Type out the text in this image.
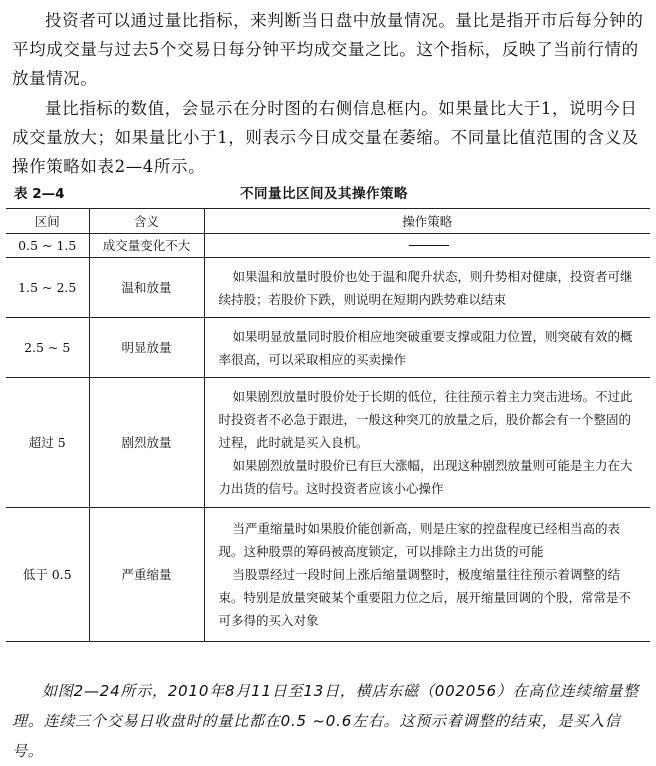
投资者可以通过量比指标，来判断当日盘中放量情况。量比是指开市后每分钟的平均成交量与过去5个交易日每分钟平均成交量之比。这个指标，反映了当前行情的放量情况。

量比指标的数值，会显示在分时图的右侧信息框内。如果量比大于1，说明今日成交量放大；如果量比小于1，则表示今日成交量在萎缩。不同量比值范围的含义及操作策略如表2—4所示。

表 2—4	不同量比区间及其操作策略
区间	含义	操作策略
0.5 ~ 1.5	成交量变化不大	

1.5 ~ 2.5	温和放量	如果温和放量时股价也处于温和爬升状态，则升势相对健康，投资者可继续持股；若股价下跌，则说明在短期内跌势难以结束

2.5 ~ 5	明显放量	如果明显放量同时股价相应地突破重要支撑或阻力位置，则突破有效的概率很高，可以采取相应的买卖操作

超过 5	剧烈放量	如果剧烈放量时股价处于长期的低位，往往预示着主力突击进场。不过此时投资者不必急于跟进，一般这种突兀的放量之后，股价都会有一个整固的过程，此时就是买入良机。
如果剧烈放量时股价已有巨大涨幅，出现这种剧烈放量则可能是主力在大力出货的信号。这时投资者应该小心操作

低于 0.5	严重缩量	当严重缩量时如果股价能创新高，则是庄家的控盘程度已经相当高的表现。这种股票的筹码被高度锁定，可以排除主力出货的可能
当股票经过一段时间上涨后缩量调整时，极度缩量往往预示着调整的结束。特别是放量突破某个重要阻力位之后，展开缩量回调的个股，常常是不可多得的买入对象

如图2—24所示，2010年8月11日至13日，横店东磁（002056）在高位连续缩量整理。连续三个交易日收盘时的量比都在0.5 ~0.6左右。这预示着调整的结束，是买入信号。
